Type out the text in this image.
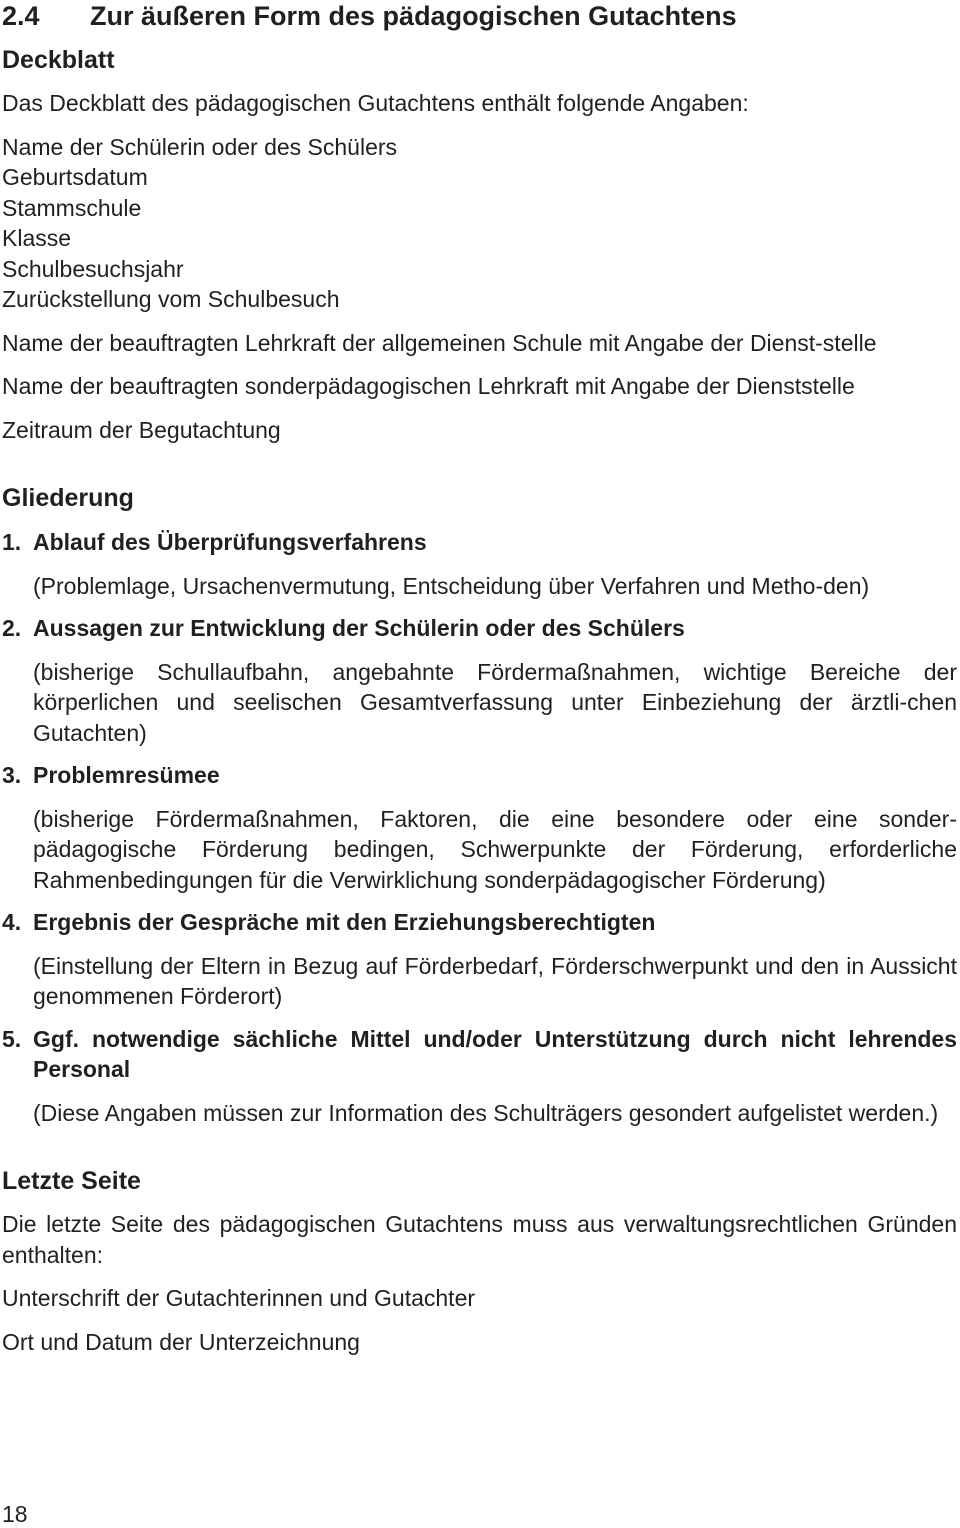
2.4	Zur äußeren Form des pädagogischen Gutachtens
Deckblatt

Das Deckblatt des pädagogischen Gutachtens enthält folgende Angaben:

Name der Schülerin oder des Schülers

Geburtsdatum

Stammschule

Klasse

Schulbesuchsjahr

Zurückstellung vom Schulbesuch

Name der beauftragten Lehrkraft der allgemeinen Schule mit Angabe der Dienst-stelle

Name der beauftragten sonderpädagogischen Lehrkraft mit Angabe der Dienststelle

Zeitraum der Begutachtung

Gliederung
1. Ablauf des Überprüfungsverfahrens

(Problemlage, Ursachenvermutung, Entscheidung über Verfahren und Metho-den)

2. Aussagen zur Entwicklung der Schülerin oder des Schülers

(bisherige Schullaufbahn, angebahnte Fördermaßnahmen, wichtige Bereiche der körperlichen und seelischen Gesamtverfassung unter Einbeziehung der ärztli-chen Gutachten)

3. Problemresümee

(bisherige Fördermaßnahmen, Faktoren, die eine besondere oder eine sonder-pädagogische Förderung bedingen, Schwerpunkte der Förderung, erforderliche Rahmenbedingungen für die Verwirklichung sonderpädagogischer Förderung)

4. Ergebnis der Gespräche mit den Erziehungsberechtigten

(Einstellung der Eltern in Bezug auf Förderbedarf, Förderschwerpunkt und den in Aussicht genommenen Förderort)

5. Ggf. notwendige sächliche Mittel und/oder Unterstützung durch nicht lehrendes Personal

(Diese Angaben müssen zur Information des Schulträgers gesondert aufgelistet werden.)

Letzte Seite

Die letzte Seite des pädagogischen Gutachtens muss aus verwaltungsrechtlichen Gründen enthalten:

Unterschrift der Gutachterinnen und Gutachter

Ort und Datum der Unterzeichnung

18
